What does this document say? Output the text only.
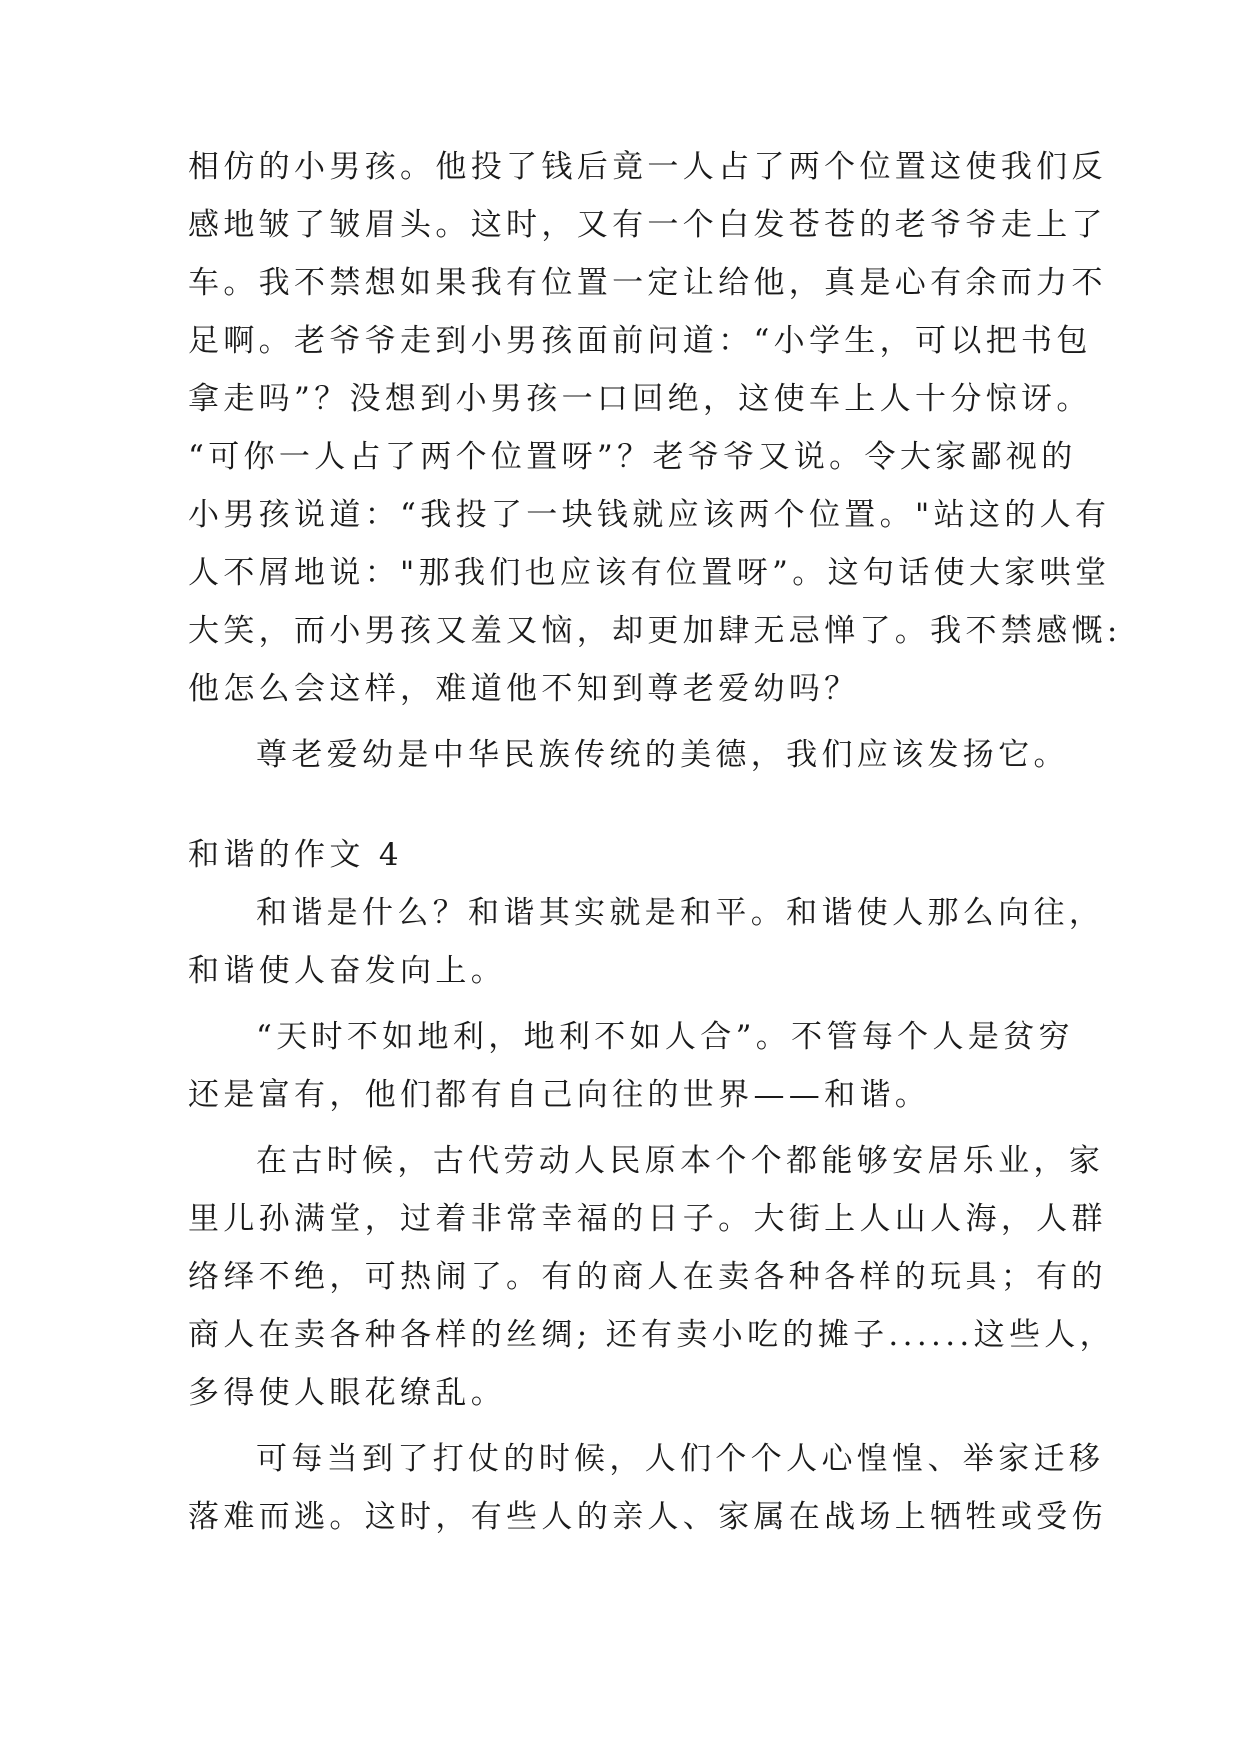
相仿的小男孩。他投了钱后竟一人占了两个位置这使我们反
感地皱了皱眉头。这时，又有一个白发苍苍的老爷爷走上了
车。我不禁想如果我有位置一定让给他，真是心有余而力不
足啊。老爷爷走到小男孩面前问道：“小学生，可以把书包
拿走吗”？没想到小男孩一口回绝，这使车上人十分惊讶。
“可你一人占了两个位置呀”？老爷爷又说。令大家鄙视的
小男孩说道：“我投了一块钱就应该两个位置。"站这的人有
人不屑地说："那我们也应该有位置呀”。这句话使大家哄堂
大笑，而小男孩又羞又恼，却更加肆无忌惮了。我不禁感慨:
他怎么会这样，难道他不知到尊老爱幼吗？
尊老爱幼是中华民族传统的美德，我们应该发扬它。
和谐的作文 4
和谐是什么？和谐其实就是和平。和谐使人那么向往，
和谐使人奋发向上。
“天时不如地利，地利不如人合”。不管每个人是贫穷
还是富有，他们都有自己向往的世界——和谐。
在古时候，古代劳动人民原本个个都能够安居乐业，家
里儿孙满堂，过着非常幸福的日子。大街上人山人海，人群
络绎不绝，可热闹了。有的商人在卖各种各样的玩具；有的
商人在卖各种各样的丝绸; 还有卖小吃的摊子......这些人，
多得使人眼花缭乱。
可每当到了打仗的时候，人们个个人心惶惶、举家迁移
落难而逃。这时，有些人的亲人、家属在战场上牺牲或受伤
